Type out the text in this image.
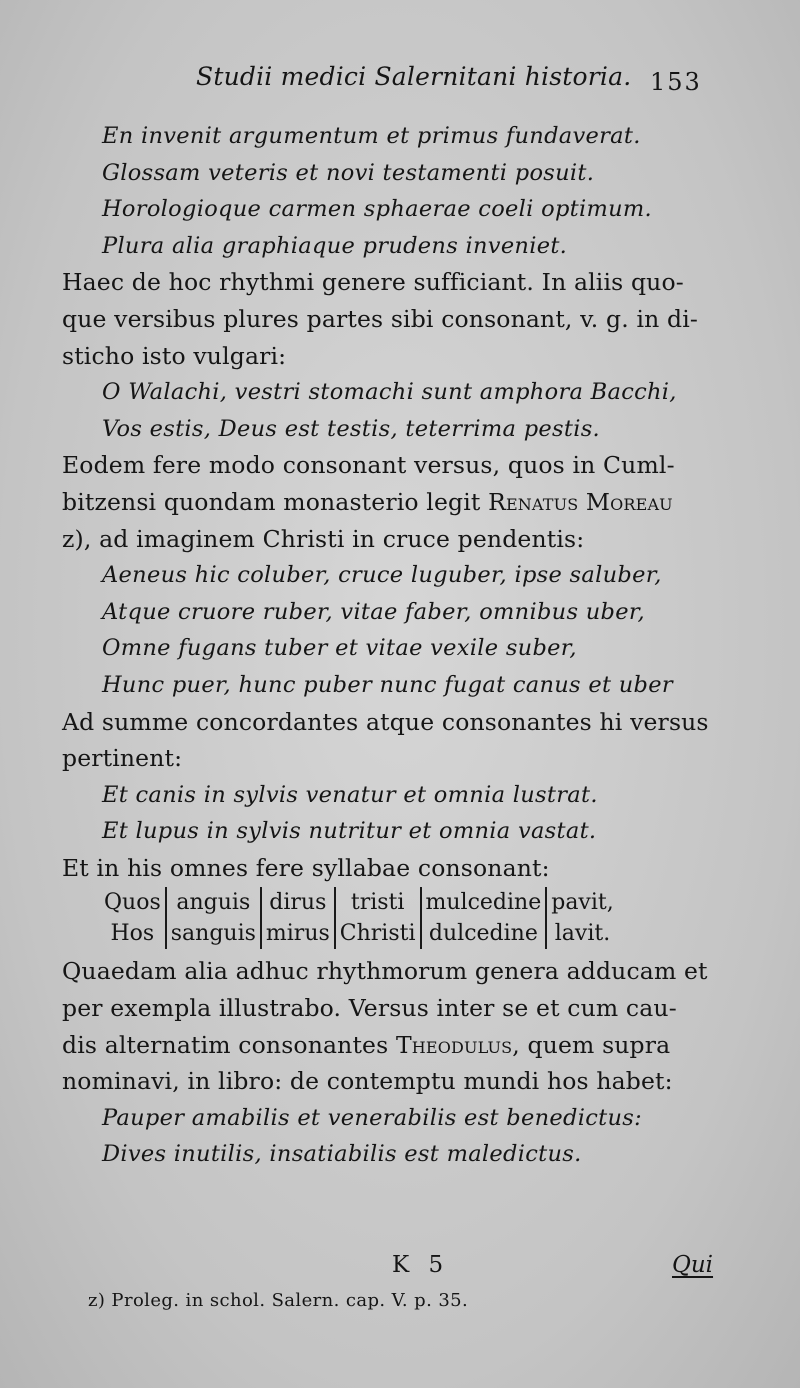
Studii medici Salernitani historia. 153
En invenit argumentum et primus fundaverat.
Glossam veteris et novi testamenti posuit.
Horologioque carmen sphaerae coeli optimum.
Plura alia graphiaque prudens inveniet.
Haec de hoc rhythmi genere sufficiant. In aliis quo-
que versibus plures partes sibi consonant, v. g. in di-
sticho isto vulgari:
O Walachi, vestri stomachi sunt amphora Bacchi,
Vos estis, Deus est testis, teterrima pestis.
Eodem fere modo consonant versus, quos in Cuml-
bitzensi quondam monasterio legit Renatus Moreau
z), ad imaginem Christi in cruce pendentis:
Aeneus hic coluber, cruce luguber, ipse saluber,
Atque cruore ruber, vitae faber, omnibus uber,
Omne fugans tuber et vitae vexile suber,
Hunc puer, hunc puber nunc fugat canus et uber
Ad summe concordantes atque consonantes hi versus
pertinent:
Et canis in sylvis venatur et omnia lustrat.
Et lupus in sylvis nutritur et omnia vastat.
Et in his omnes fere syllabae consonant:
Quos	anguis	dirus	tristi	mulcedine	pavit,
Hos	sanguis	mirus	Christi	dulcedine	lavit.
Quaedam alia adhuc rhythmorum genera adducam et
per exempla illustrabo. Versus inter se et cum cau-
dis alternatim consonantes Theodulus, quem supra
nominavi, in libro: de contemptu mundi hos habet:
Pauper amabilis et venerabilis est benedictus:
Dives inutilis, insatiabilis est maledictus.
K 5	Qui
z) Proleg. in schol. Salern. cap. V. p. 35.
